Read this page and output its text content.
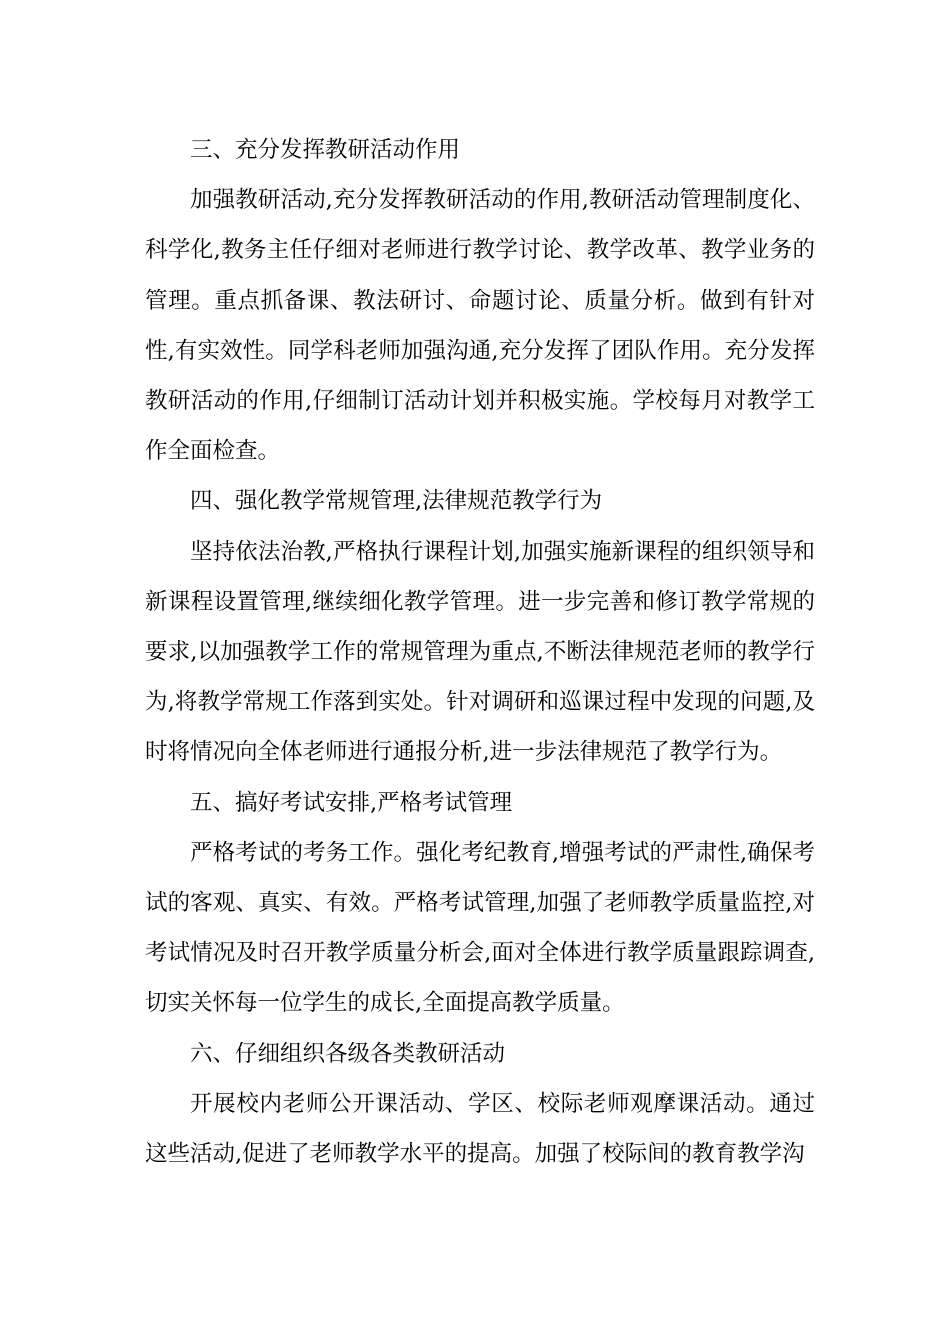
三、充分发挥教研活动作用

加强教研活动,充分发挥教研活动的作用,教研活动管理制度化、科学化,教务主任仔细对老师进行教学讨论、教学改革、教学业务的管理。重点抓备课、教法研讨、命题讨论、质量分析。做到有针对性,有实效性。同学科老师加强沟通,充分发挥了团队作用。充分发挥教研活动的作用,仔细制订活动计划并积极实施。学校每月对教学工作全面检查。

四、强化教学常规管理,法律规范教学行为

坚持依法治教,严格执行课程计划,加强实施新课程的组织领导和新课程设置管理,继续细化教学管理。进一步完善和修订教学常规的要求,以加强教学工作的常规管理为重点,不断法律规范老师的教学行为,将教学常规工作落到实处。针对调研和巡课过程中发现的问题,及时将情况向全体老师进行通报分析,进一步法律规范了教学行为。

五、搞好考试安排,严格考试管理

严格考试的考务工作。强化考纪教育,增强考试的严肃性,确保考试的客观、真实、有效。严格考试管理,加强了老师教学质量监控,对考试情况及时召开教学质量分析会,面对全体进行教学质量跟踪调查,切实关怀每一位学生的成长,全面提高教学质量。

六、仔细组织各级各类教研活动

开展校内老师公开课活动、学区、校际老师观摩课活动。通过这些活动,促进了老师教学水平的提高。加强了校际间的教育教学沟
